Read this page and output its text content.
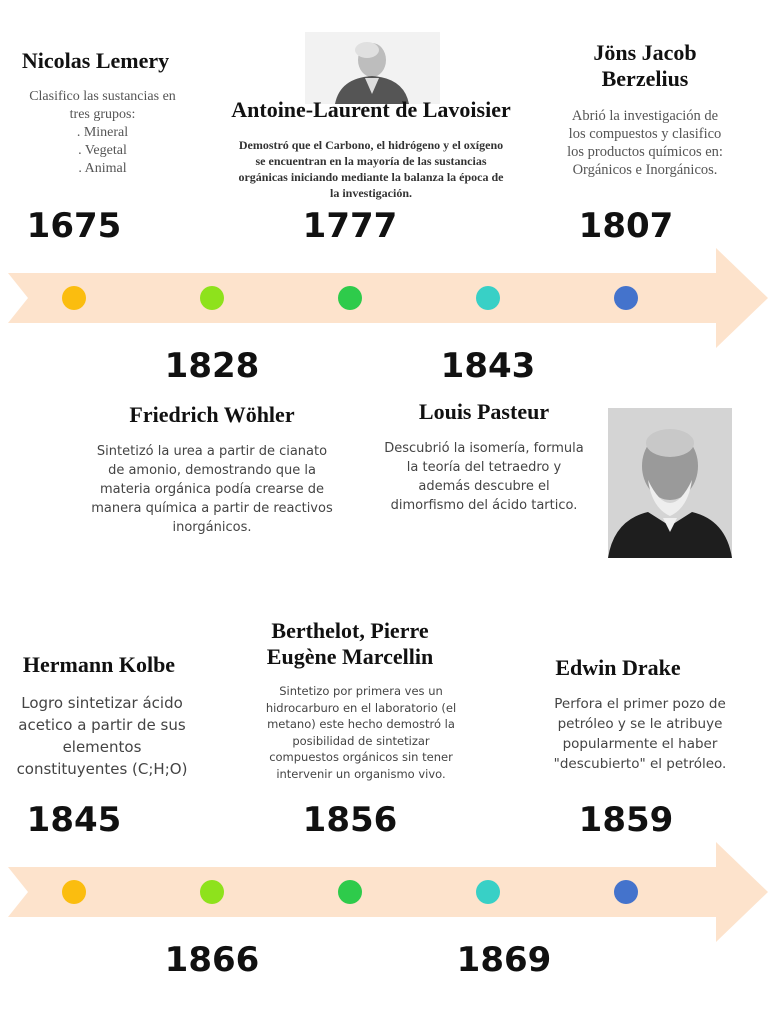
Nicolas Lemery
Clasifico las sustancias en
tres grupos:
. Mineral
. Vegetal
. Animal
Antoine-Laurent de Lavoisier
Demostró que el Carbono, el hidrógeno y el oxígeno
se encuentran en la mayoría de las sustancias
orgánicas iniciando mediante la balanza la época de
la investigación.
Jöns Jacob
Berzelius
Abrió la investigación de
los compuestos y clasifico
los productos químicos en:
Orgánicos e Inorgánicos.
1675	1777	1807
1828	1843
Friedrich Wöhler
Sintetizó la urea a partir de cianato
de amonio, demostrando que la
materia orgánica podía crearse de
manera química a partir de reactivos
inorgánicos.
Louis Pasteur
Descubrió la isomería, formula
la teoría del tetraedro y
además descubre el
dimorfismo del ácido tartico.
Hermann Kolbe
Logro sintetizar ácido
acetico a partir de sus
elementos
constituyentes (C;H;O)
Berthelot, Pierre
Eugène Marcellin
Sintetizo por primera ves un
hidrocarburo en el laboratorio (el
metano) este hecho demostró la
posibilidad de sintetizar
compuestos orgánicos sin tener
intervenir un organismo vivo.
Edwin Drake
Perfora el primer pozo de
petróleo y se le atribuye
popularmente el haber
"descubierto" el petróleo.
1845	1856	1859
1866	1869
